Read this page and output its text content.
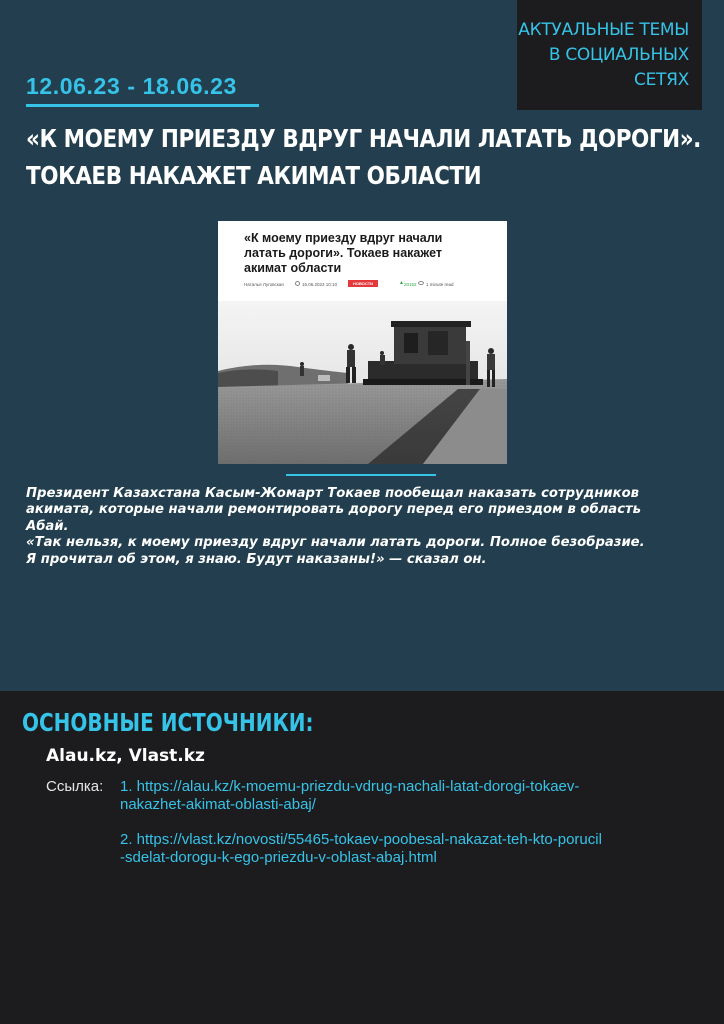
АКТУАЛЬНЫЕ ТЕМЫ
В СОЦИАЛЬНЫХ
СЕТЯХ
12.06.23 - 18.06.23
«К МОЕМУ ПРИЕЗДУ ВДРУГ НАЧАЛИ ЛАТАТЬ ДОРОГИ».
ТОКАЕВ НАКАЖЕТ АКИМАТ ОБЛАСТИ
«К моему приезду вдруг начали
латать дороги». Токаев накажет
акимат области
Наталья Луговская	15.06.2023 10:10	НОВОСТИ	▲ 20152 1 minute read
Президент Казахстана Касым-Жомарт Токаев пообещал наказать сотрудников
акимата, которые начали ремонтировать дорогу перед его приездом в область
Абай.
«Так нельзя, к моему приезду вдруг начали латать дороги. Полное безобразие.
Я прочитал об этом, я знаю. Будут наказаны!» — сказал он.
ОСНОВНЫЕ ИСТОЧНИКИ:
Alau.kz, Vlast.kz
Ссылка: 1. https://alau.kz/k-moemu-priezdu-vdrug-nachali-latat-dorogi-tokaev-
nakazhet-akimat-oblasti-abaj/
2. https://vlast.kz/novosti/55465-tokaev-poobesal-nakazat-teh-kto-porucil
-sdelat-dorogu-k-ego-priezdu-v-oblast-abaj.html
